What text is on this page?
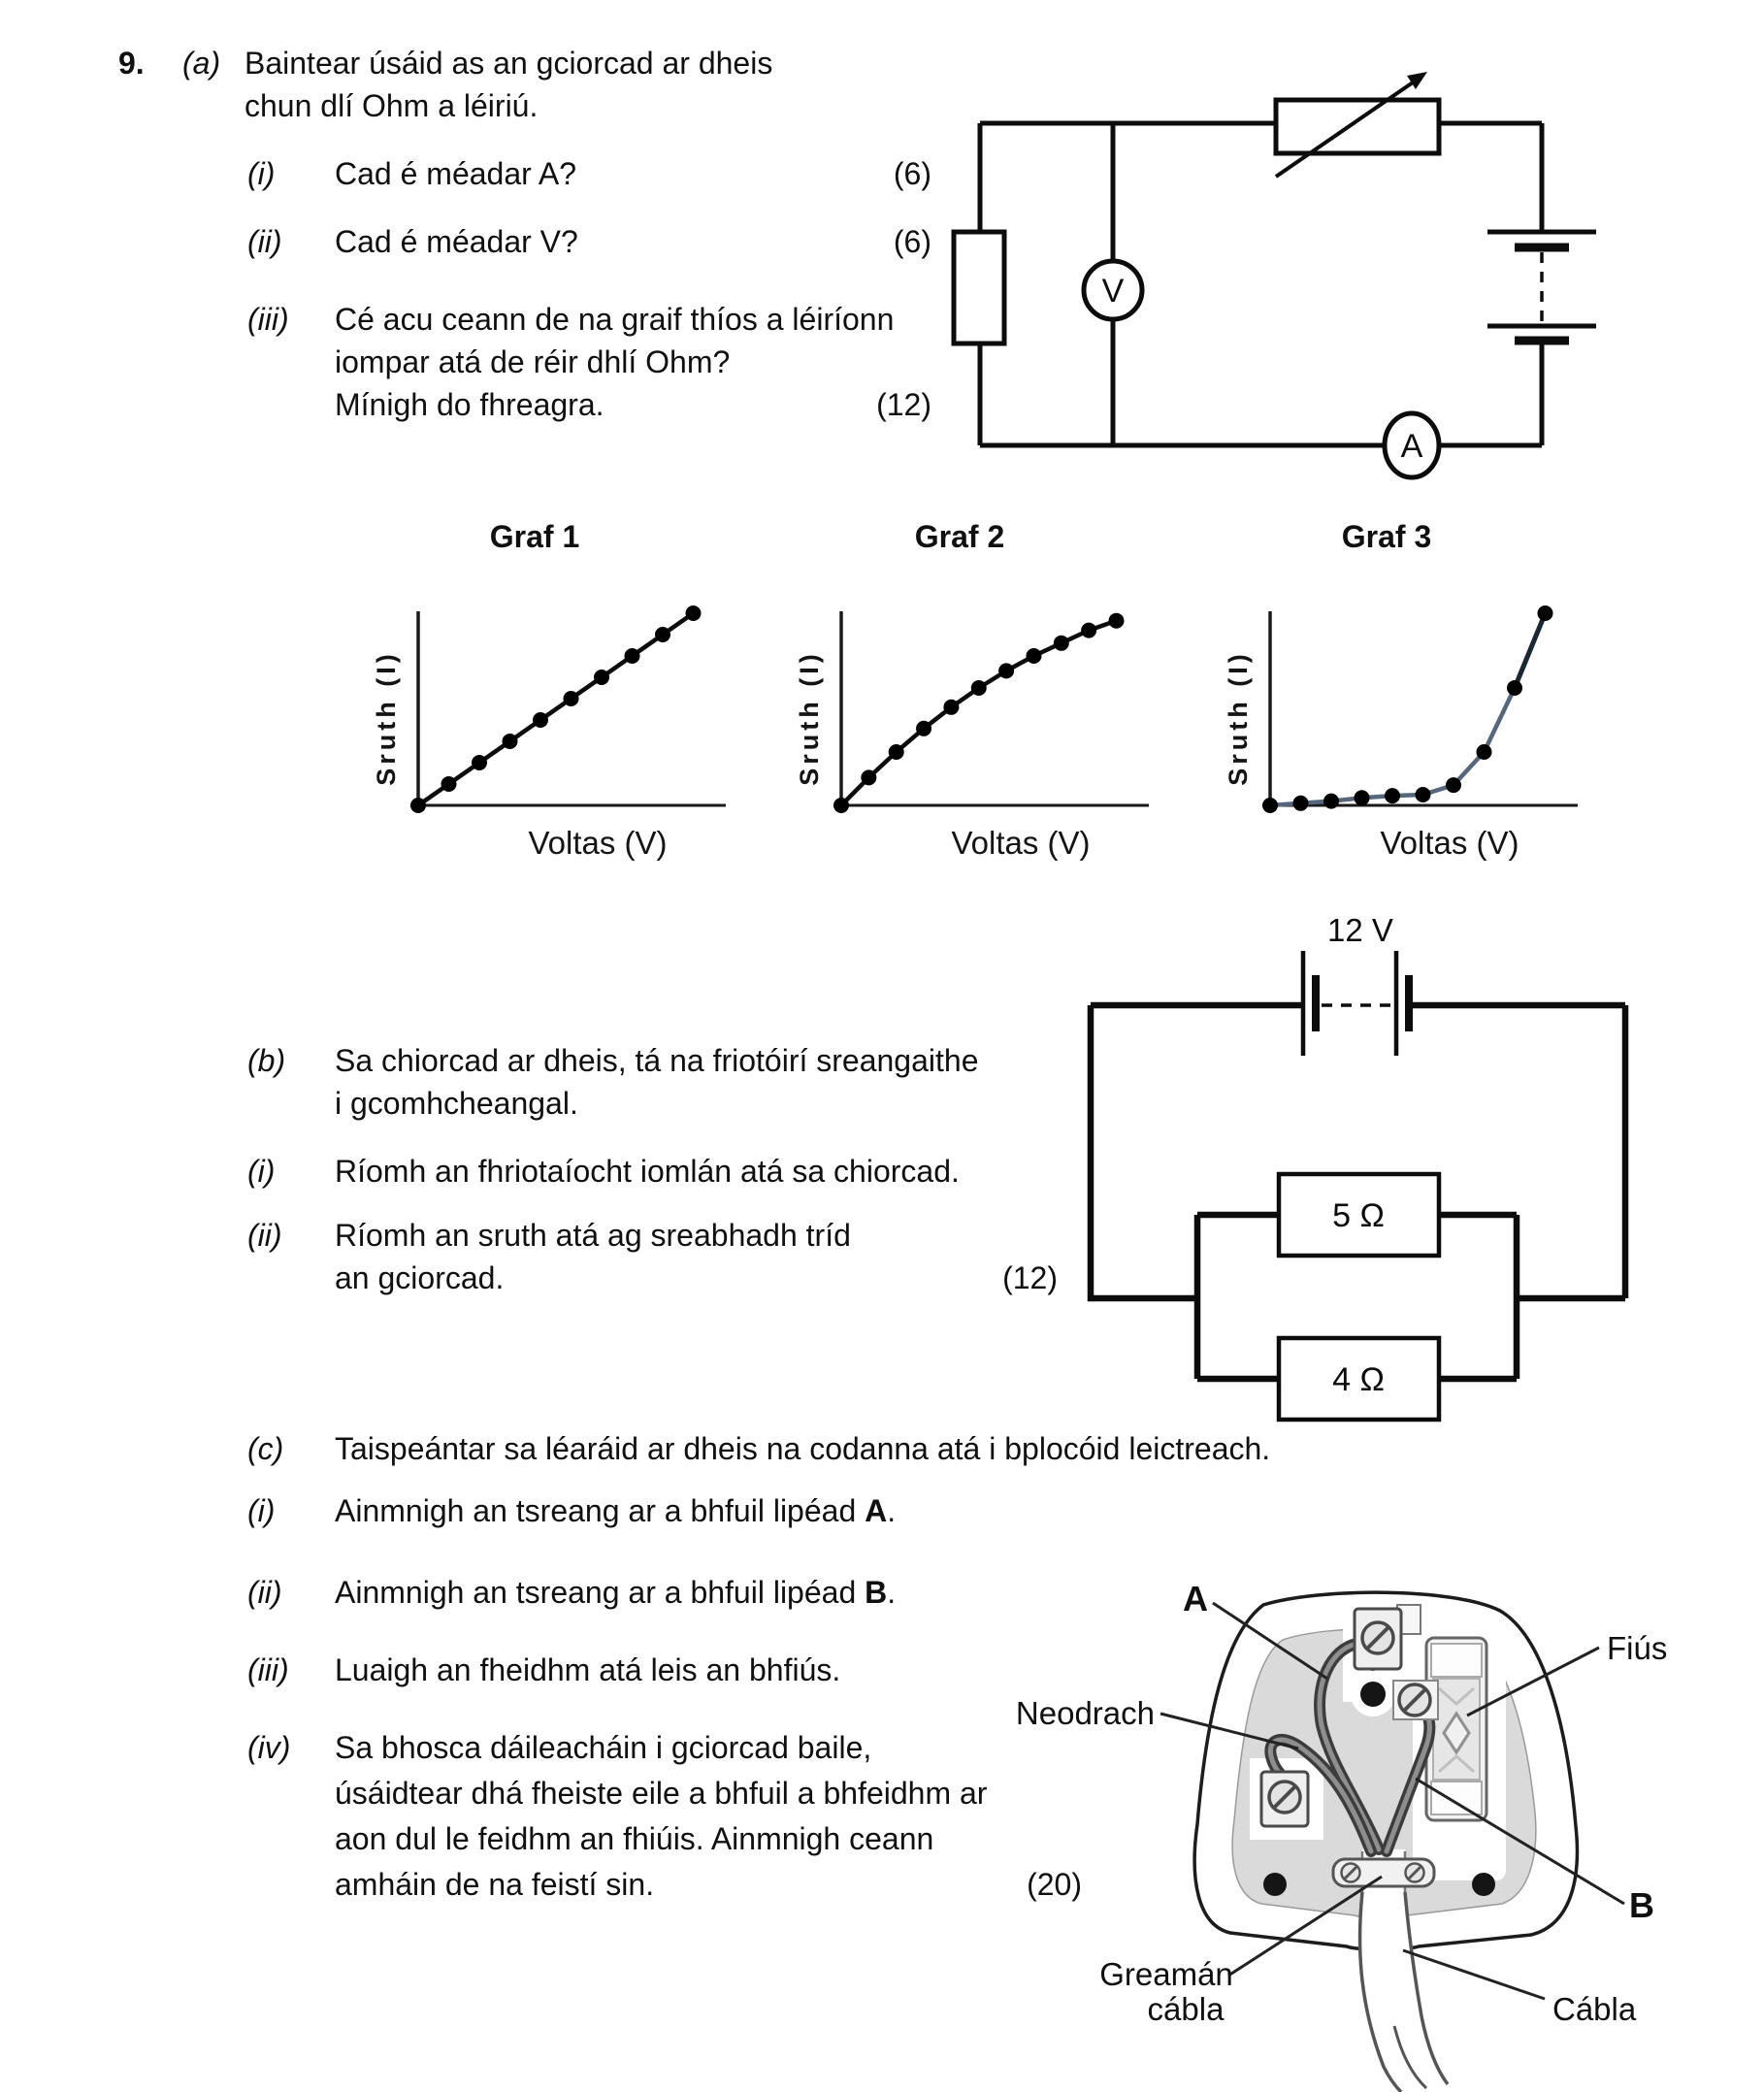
9. (a) Baintear úsáid as an gciorcad ar dheis
chun dlí Ohm a léiriú.
(i) Cad é méadar A?	(6)
(ii) Cad é méadar V?	(6)
(iii) Cé acu ceann de na graif thíos a léiríonn
iompar atá de réir dhlí Ohm?
Mínigh do fhreagra.	(12)
V
A
Graf 1	Graf 2	Graf 3
Sruth (I)
Voltas (V)
Sruth (I)
Voltas (V)
Sruth (I)
Voltas (V)
(b) Sa chiorcad ar dheis, tá na friotóirí sreangaithe
i gcomhcheangal.
(i) Ríomh an fhriotaíocht iomlán atá sa chiorcad.
(ii) Ríomh an sruth atá ag sreabhadh tríd
an gciorcad.	(12)
12 V
5 Ω
4 Ω
(c) Taispeántar sa léaráid ar dheis na codanna atá i bplocóid leictreach.
(i) Ainmnigh an tsreang ar a bhfuil lipéad A.
(ii) Ainmnigh an tsreang ar a bhfuil lipéad B.
(iii) Luaigh an fheidhm atá leis an bhfiús.
(iv) Sa bhosca dáileacháin i gciorcad baile,
úsáidtear dhá fheiste eile a bhfuil a bhfeidhm ar
aon dul le feidhm an fhiúis. Ainmnigh ceann
amháin de na feistí sin.	(20)
A
Fiús
Neodrach
Greamán
cábla
B
Cábla
